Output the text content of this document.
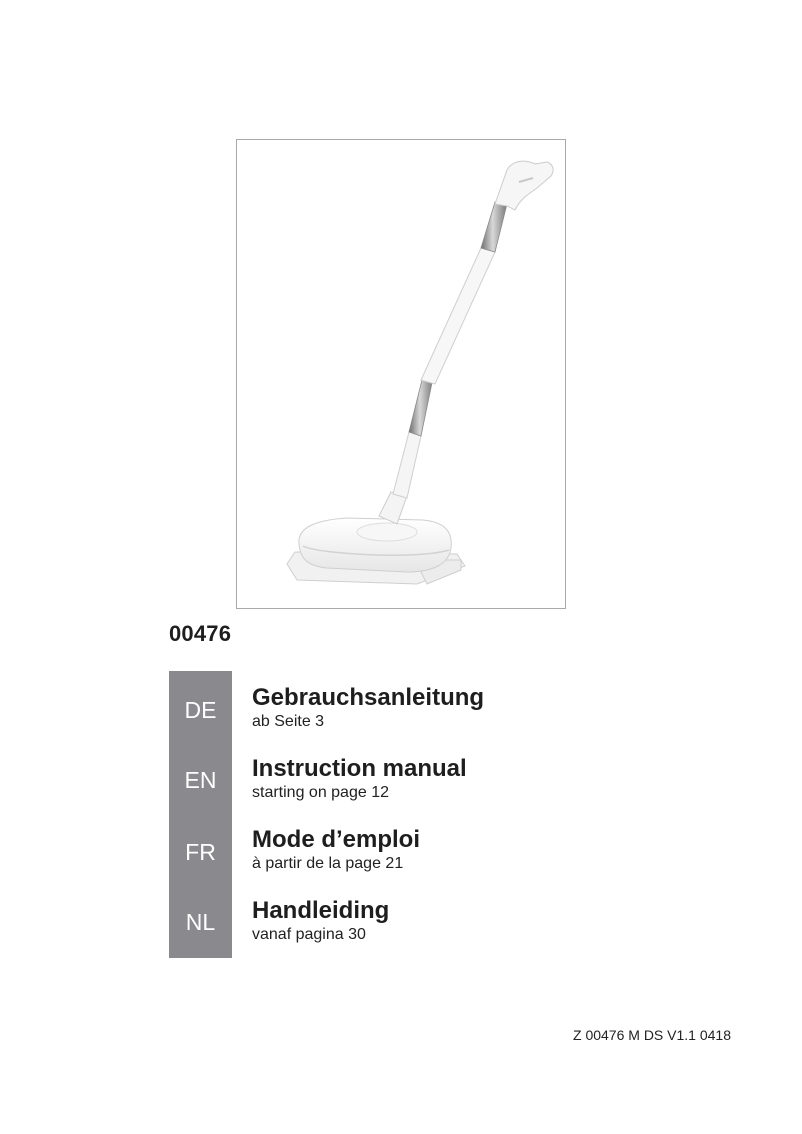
00476
DE
EN
FR
NL
Gebrauchsanleitung
ab Seite 3
Instruction manual
starting on page 12
Mode d’emploi
à partir de la page 21
Handleiding
vanaf pagina 30
Z 00476 M DS V1.1 0418
